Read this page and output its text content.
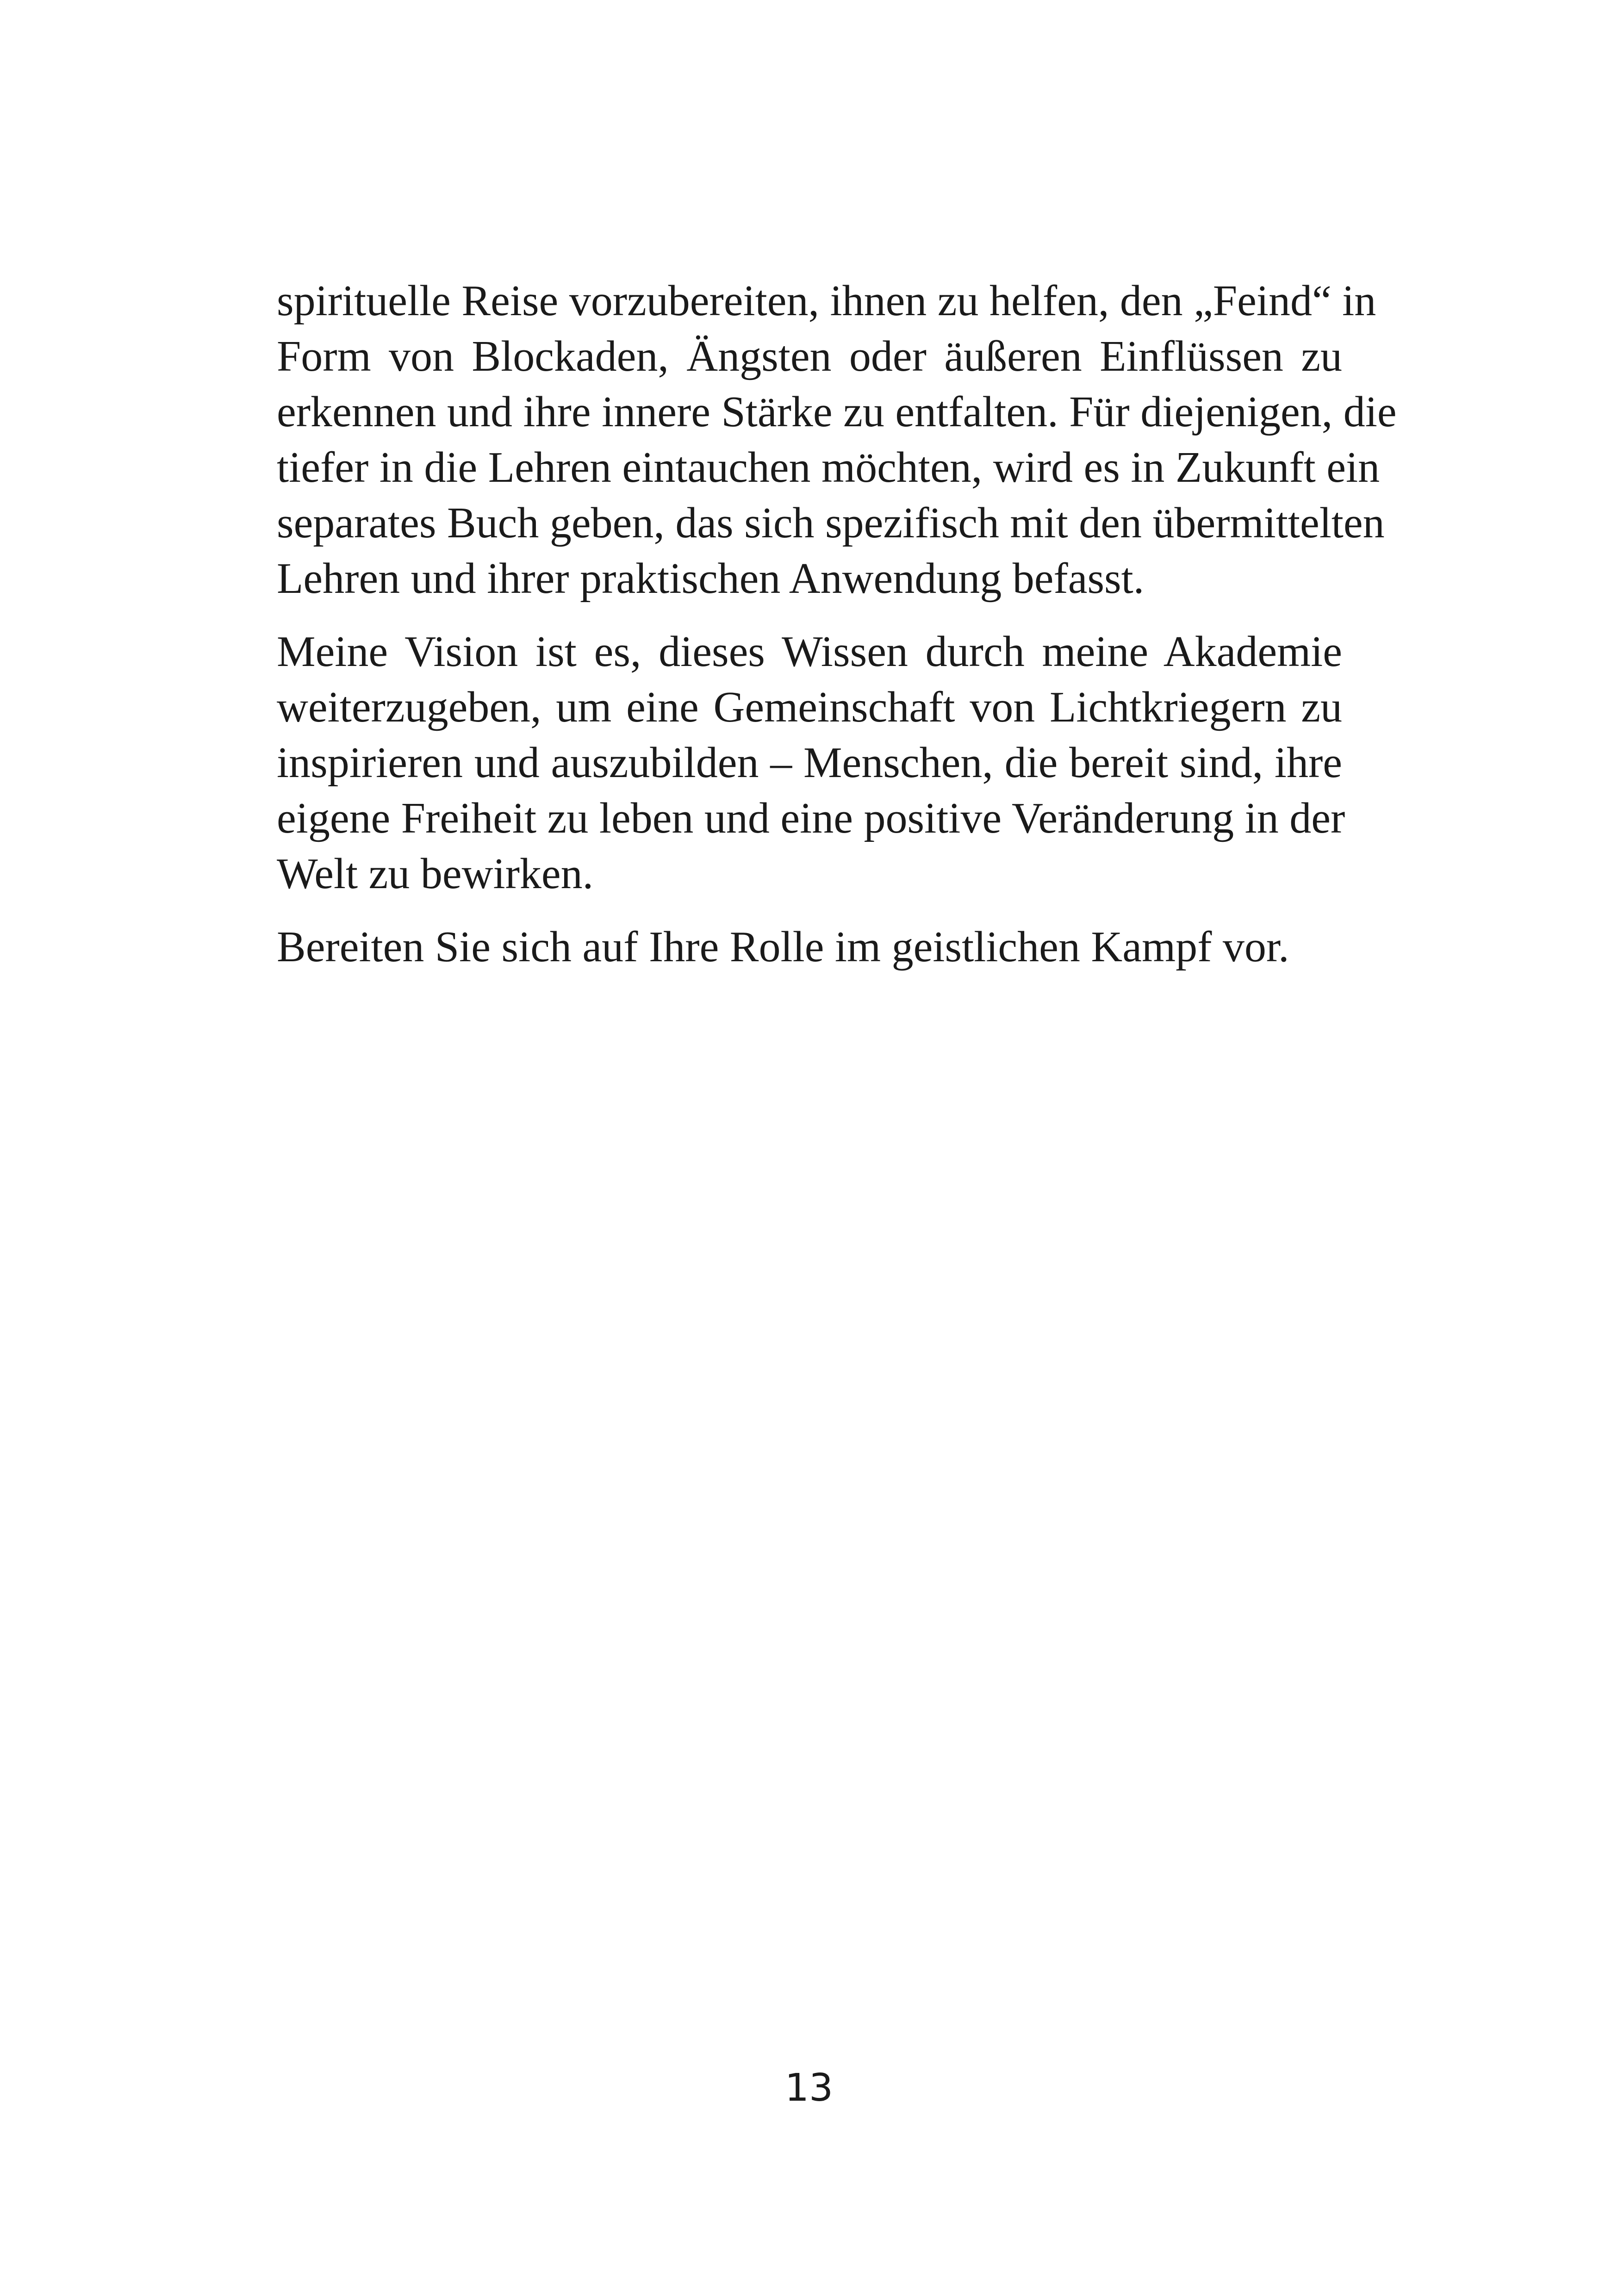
spirituelle Reise vorzubereiten, ihnen zu helfen, den „Feind“ in
Form von Blockaden, Ängsten oder äußeren Einflüssen zu
erkennen und ihre innere Stärke zu entfalten. Für diejenigen, die
tiefer in die Lehren eintauchen möchten, wird es in Zukunft ein
separates Buch geben, das sich spezifisch mit den übermittelten
Lehren und ihrer praktischen Anwendung befasst.

Meine Vision ist es, dieses Wissen durch meine Akademie
weiterzugeben, um eine Gemeinschaft von Lichtkriegern zu
inspirieren und auszubilden – Menschen, die bereit sind, ihre
eigene Freiheit zu leben und eine positive Veränderung in der
Welt zu bewirken.

Bereiten Sie sich auf Ihre Rolle im geistlichen Kampf vor.

13
